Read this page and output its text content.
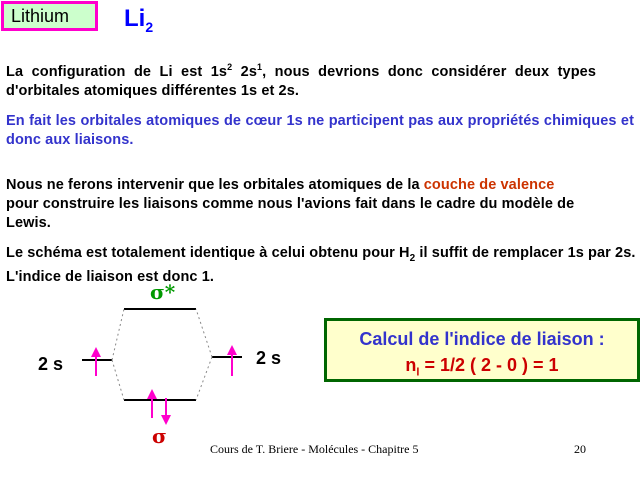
Lithium	$Li_2$
La configuration de Li est $1s^2$ $2s^1$, nous devrions donc considérer deux types d'orbitales atomiques différentes 1s et 2s.
En fait les orbitales atomiques de cœur 1s ne participent pas aux propriétés chimiques et donc aux liaisons.
Nous ne ferons intervenir que les orbitales atomiques de la couche de valence pour construire les liaisons comme nous l'avions fait dans le cadre du modèle de Lewis.
Le schéma est totalement identique à celui obtenu pour $H_2$ il suffit de remplacer 1s par 2s. L'indice de liaison est donc 1.
2 s	2 s
σ*
σ
Calcul de l'indice de liaison :
$n_l = 1/2$ ( 2 - 0 ) = 1
Cours de T. Briere - Molécules - Chapitre 5	20
